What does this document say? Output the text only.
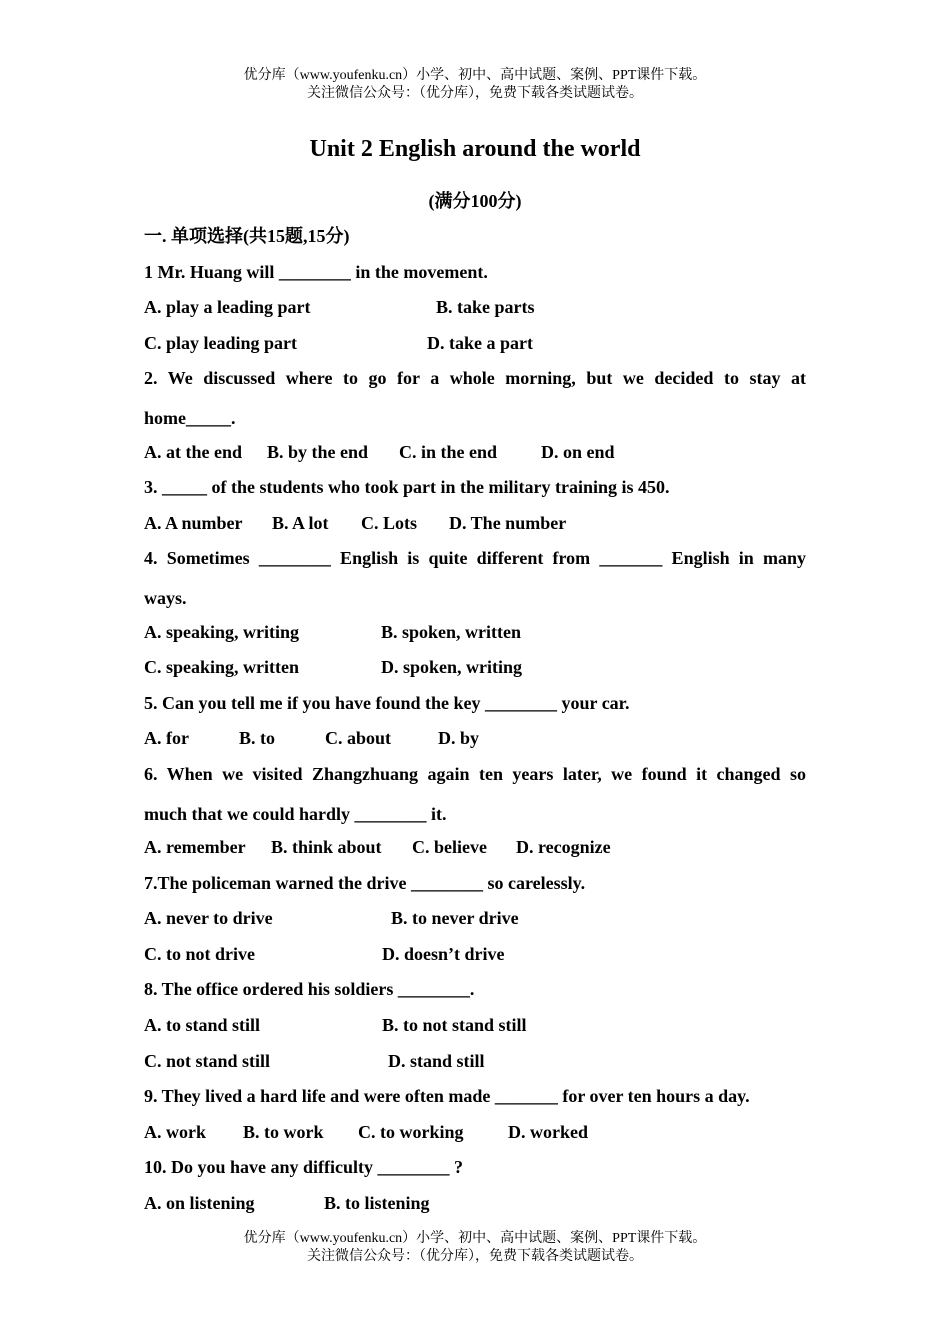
优分库（www.youfenku.cn）小学、初中、高中试题、案例、PPT课件下载。
关注微信公众号：（优分库），免费下载各类试题试卷。
Unit 2 English around the world
(满分100分)
一. 单项选择(共15题,15分)
1 Mr. Huang will ________ in the movement.
A. play a leading part	B. take parts
C. play leading part	D. take a part
2. We discussed where to go for a whole morning, but we decided to stay at
home_____.
A. at the end B. by the end C. in the end D. on end
3. _____ of the students who took part in the military training is 450.
A. A number B. A lot C. Lots D. The number
4. Sometimes ________ English is quite different from _______ English in many
ways.
A. speaking, writing	B. spoken, written
C. speaking, written	D. spoken, writing
5. Can you tell me if you have found the key ________ your car.
A. for	B. to	C. about	D. by
6. When we visited Zhangzhuang again ten years later, we found it changed so
much that we could hardly ________ it.
A. remember B. think about C. believe D. recognize
7.The policeman warned the drive ________ so carelessly.
A. never to drive	B. to never drive
C. to not drive	D. doesn’t drive
8. The office ordered his soldiers ________.
A. to stand still	B. to not stand still
C. not stand still	D. stand still
9. They lived a hard life and were often made _______ for over ten hours a day.
A. work B. to work C. to working D. worked
10. Do you have any difficulty ________ ?
A. on listening	B. to listening
优分库（www.youfenku.cn）小学、初中、高中试题、案例、PPT课件下载。
关注微信公众号：（优分库），免费下载各类试题试卷。
